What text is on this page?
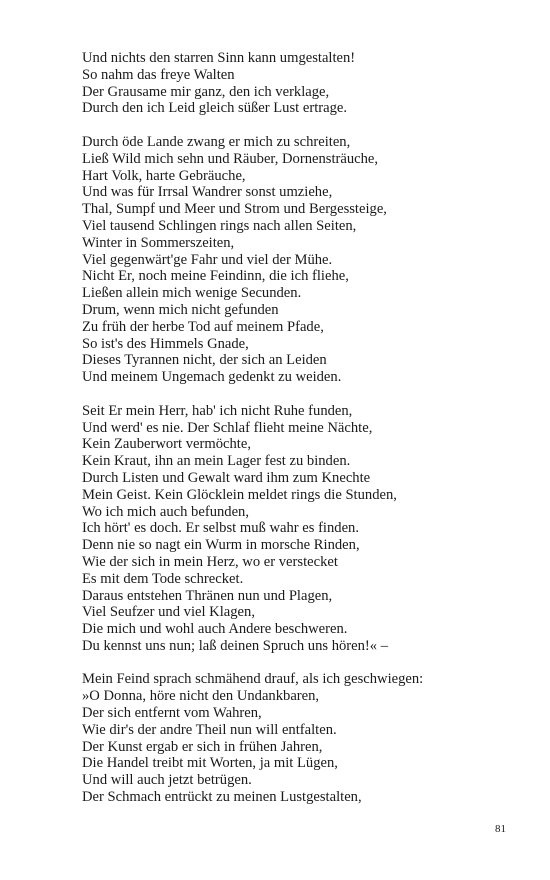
Und nichts den starren Sinn kann umgestalten!
So nahm das freye Walten
Der Grausame mir ganz, den ich verklage,
Durch den ich Leid gleich süßer Lust ertrage.
Durch öde Lande zwang er mich zu schreiten,
Ließ Wild mich sehn und Räuber, Dornensträuche,
Hart Volk, harte Gebräuche,
Und was für Irrsal Wandrer sonst umziehe,
Thal, Sumpf und Meer und Strom und Bergessteige,
Viel tausend Schlingen rings nach allen Seiten,
Winter in Sommerszeiten,
Viel gegenwärt'ge Fahr und viel der Mühe.
Nicht Er, noch meine Feindinn, die ich fliehe,
Ließen allein mich wenige Secunden.
Drum, wenn mich nicht gefunden
Zu früh der herbe Tod auf meinem Pfade,
So ist's des Himmels Gnade,
Dieses Tyrannen nicht, der sich an Leiden
Und meinem Ungemach gedenkt zu weiden.
Seit Er mein Herr, hab' ich nicht Ruhe funden,
Und werd' es nie. Der Schlaf flieht meine Nächte,
Kein Zauberwort vermöchte,
Kein Kraut, ihn an mein Lager fest zu binden.
Durch Listen und Gewalt ward ihm zum Knechte
Mein Geist. Kein Glöcklein meldet rings die Stunden,
Wo ich mich auch befunden,
Ich hört' es doch. Er selbst muß wahr es finden.
Denn nie so nagt ein Wurm in morsche Rinden,
Wie der sich in mein Herz, wo er verstecket
Es mit dem Tode schrecket.
Daraus entstehen Thränen nun und Plagen,
Viel Seufzer und viel Klagen,
Die mich und wohl auch Andere beschweren.
Du kennst uns nun; laß deinen Spruch uns hören!« –
Mein Feind sprach schmähend drauf, als ich geschwiegen:
»O Donna, höre nicht den Undankbaren,
Der sich entfernt vom Wahren,
Wie dir's der andre Theil nun will entfalten.
Der Kunst ergab er sich in frühen Jahren,
Die Handel treibt mit Worten, ja mit Lügen,
Und will auch jetzt betrügen.
Der Schmach entrückt zu meinen Lustgestalten,
81
